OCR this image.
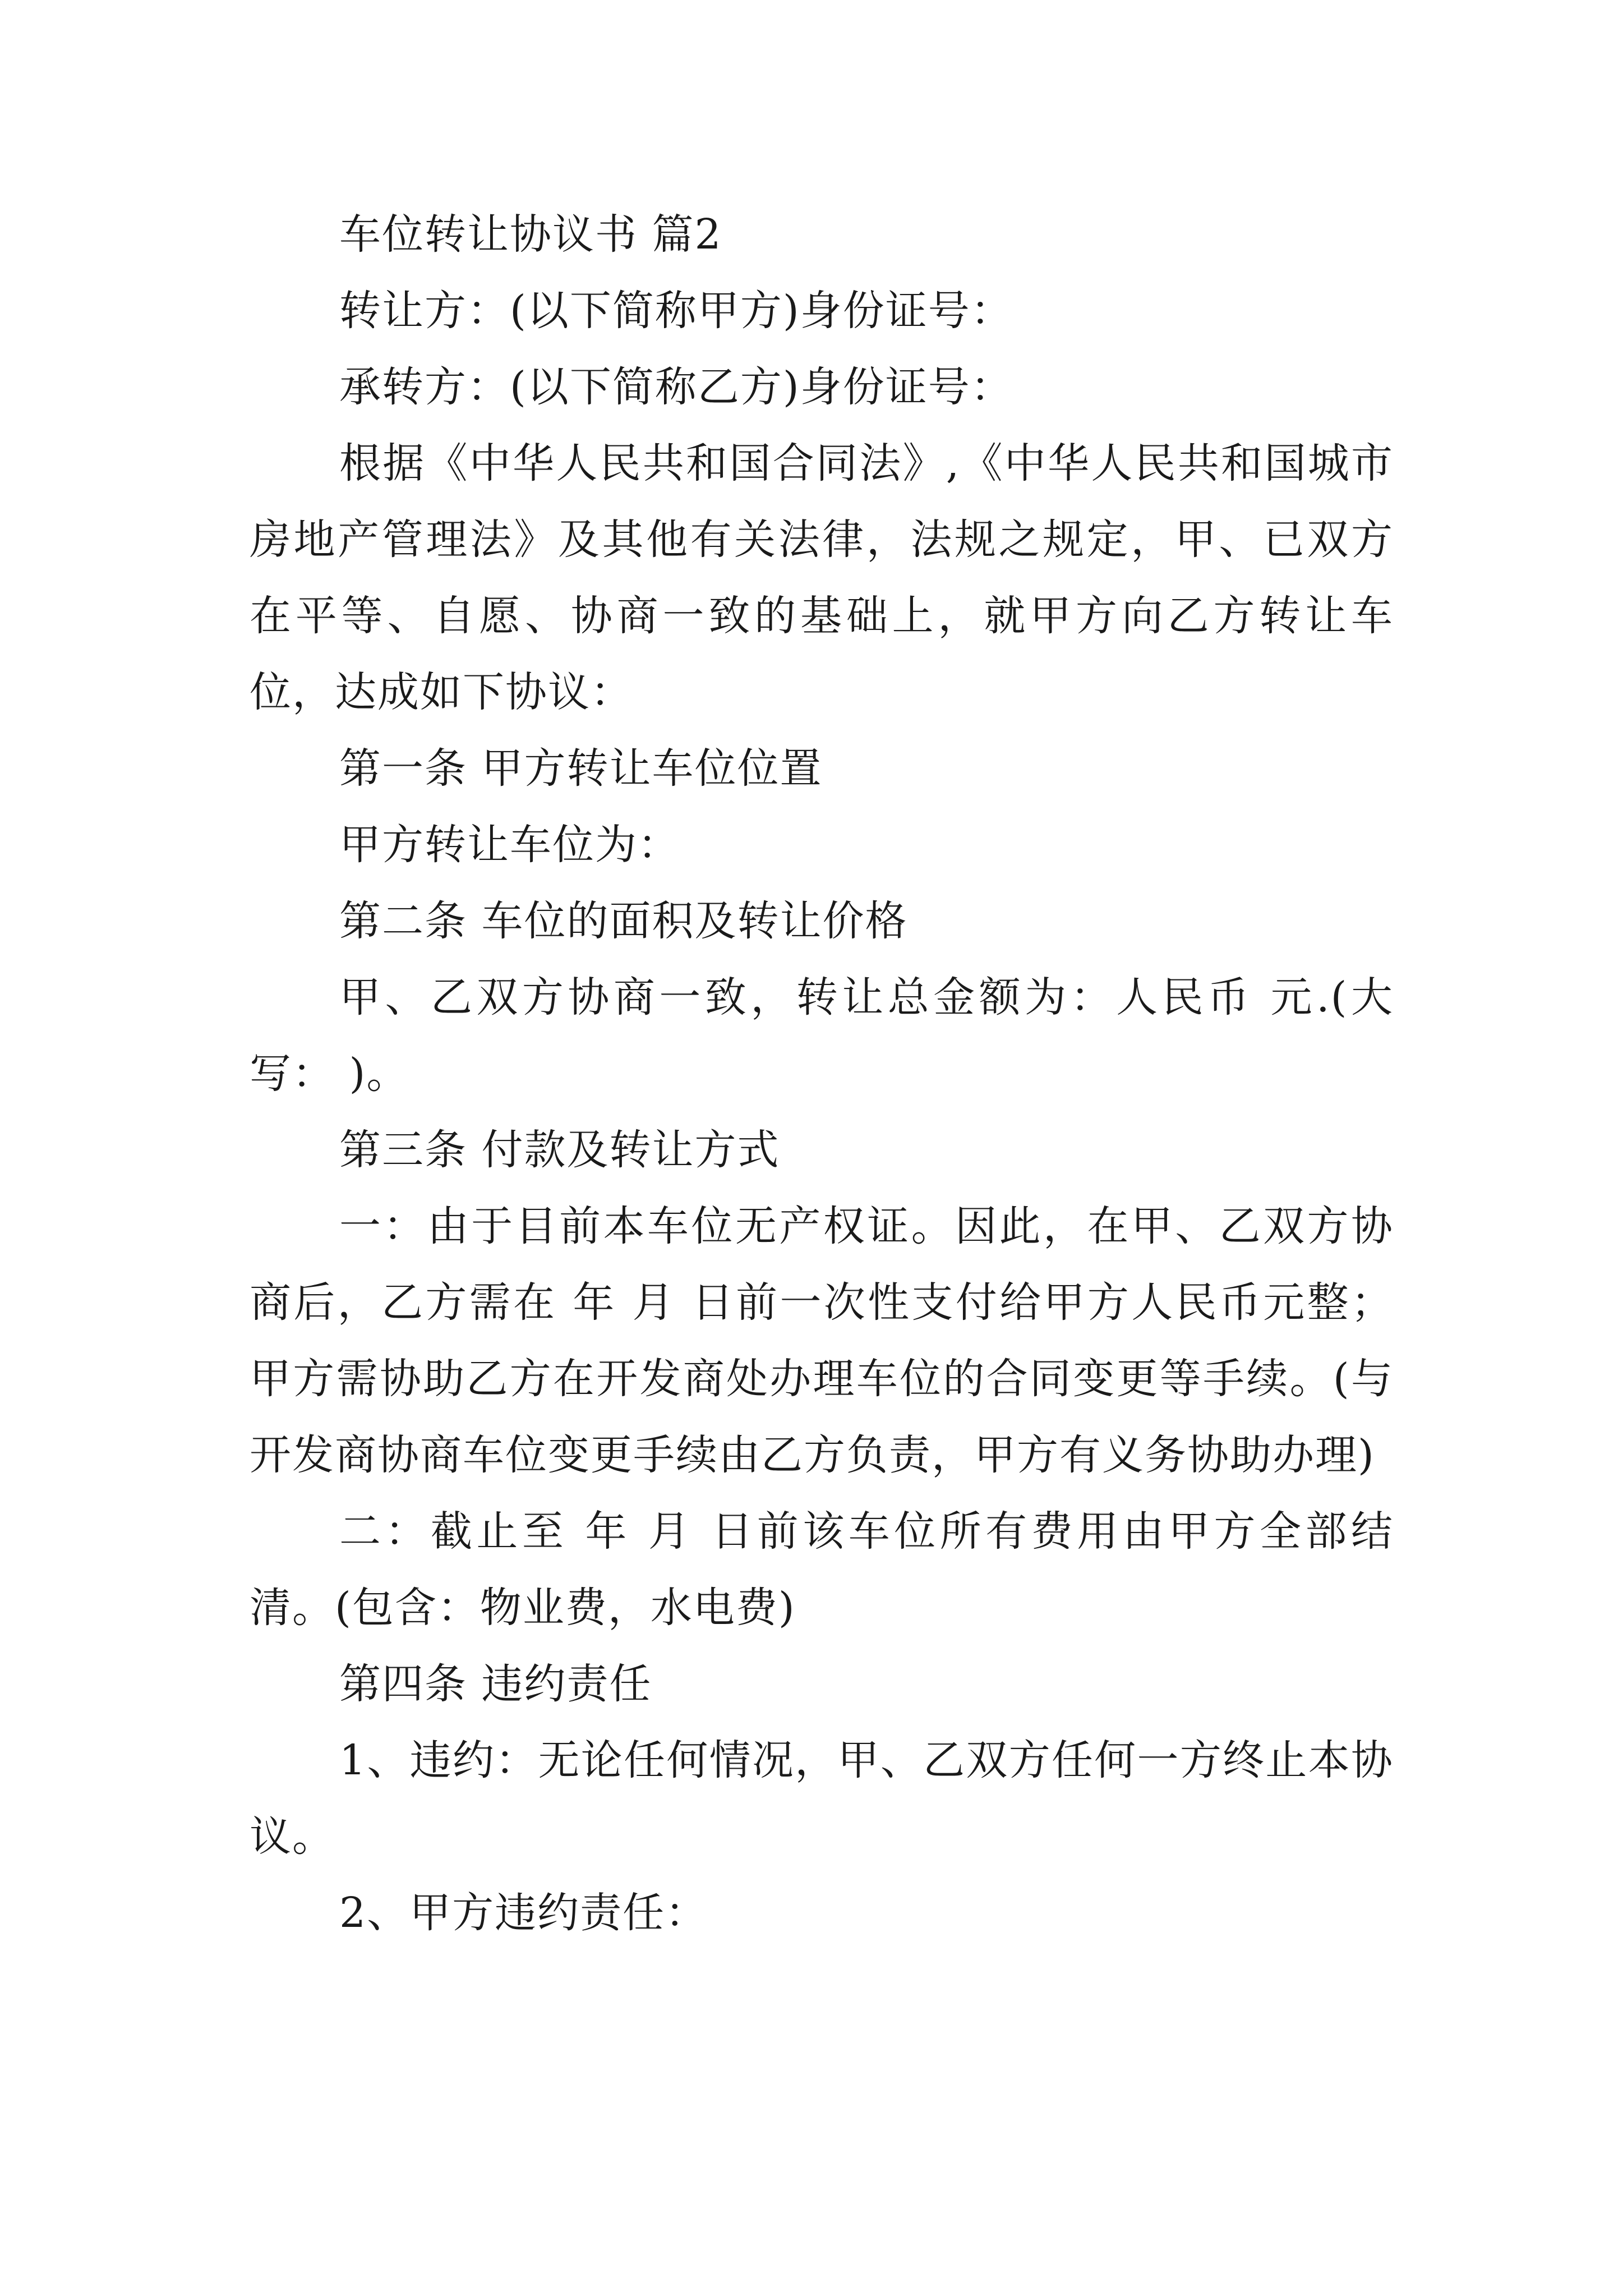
车位转让协议书 篇2

转让方：(以下简称甲方)身份证号：

承转方：(以下简称乙方)身份证号：

根据《中华人民共和国合同法》,《中华人民共和国城市房地产管理法》及其他有关法律，法规之规定，甲、已双方在平等、自愿、协商一致的基础上，就甲方向乙方转让车位，达成如下协议：

第一条 甲方转让车位位置

甲方转让车位为：

第二条 车位的面积及转让价格

甲、乙双方协商一致，转让总金额为：人民币 元.(大写： )。

第三条 付款及转让方式

一：由于目前本车位无产权证。因此，在甲、乙双方协商后，乙方需在 年 月 日前一次性支付给甲方人民币元整；甲方需协助乙方在开发商处办理车位的合同变更等手续。(与开发商协商车位变更手续由乙方负责，甲方有义务协助办理)

二：截止至 年 月 日前该车位所有费用由甲方全部结清。(包含：物业费，水电费)

第四条 违约责任

1、违约：无论任何情况，甲、乙双方任何一方终止本协议。

2、甲方违约责任：
